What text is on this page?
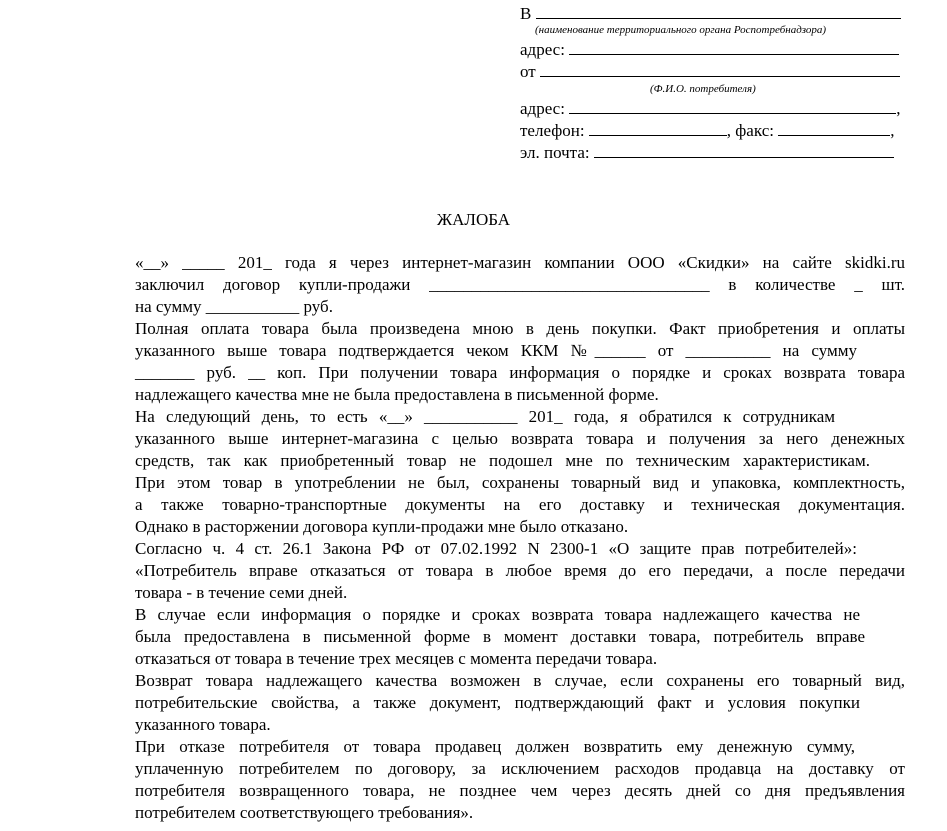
В
(наименование территориального органа Роспотребнадзора)
адрес:
от
(Ф.И.О. потребителя)
адрес:	,
телефон:	, факс:	,
эл. почта:
ЖАЛОБА
«__» _____ 201_ года я через интернет-магазин компании ООО «Скидки» на сайте skidki.ru
заключил договор купли-продажи _________________________________ в количестве _ шт.
на сумму ___________ руб.
Полная оплата товара была произведена мною в день покупки. Факт приобретения и оплаты
указанного выше товара подтверждается чеком ККМ №______ от __________ на сумму
_______ руб. __ коп. При получении товара информация о порядке и сроках возврата товара
надлежащего качества мне не была предоставлена в письменной форме.
На следующий день, то есть «__» ___________ 201_ года, я обратился к сотрудникам
указанного выше интернет-магазина с целью возврата товара и получения за него денежных
средств, так как приобретенный товар не подошел мне по техническим характеристикам.
При этом товар в употреблении не был, сохранены товарный вид и упаковка, комплектность,
а также товарно-транспортные документы на его доставку и техническая документация.
Однако в расторжении договора купли-продажи мне было отказано.
Согласно ч. 4 ст. 26.1 Закона РФ от 07.02.1992 N 2300-1 «О защите прав потребителей»:
«Потребитель вправе отказаться от товара в любое время до его передачи, а после передачи
товара - в течение семи дней.
В случае если информация о порядке и сроках возврата товара надлежащего качества не
была предоставлена в письменной форме в момент доставки товара, потребитель вправе
отказаться от товара в течение трех месяцев с момента передачи товара.
Возврат товара надлежащего качества возможен в случае, если сохранены его товарный вид,
потребительские свойства, а также документ, подтверждающий факт и условия покупки
указанного товара.
При отказе потребителя от товара продавец должен возвратить ему денежную сумму,
уплаченную потребителем по договору, за исключением расходов продавца на доставку от
потребителя возвращенного товара, не позднее чем через десять дней со дня предъявления
потребителем соответствующего требования».
